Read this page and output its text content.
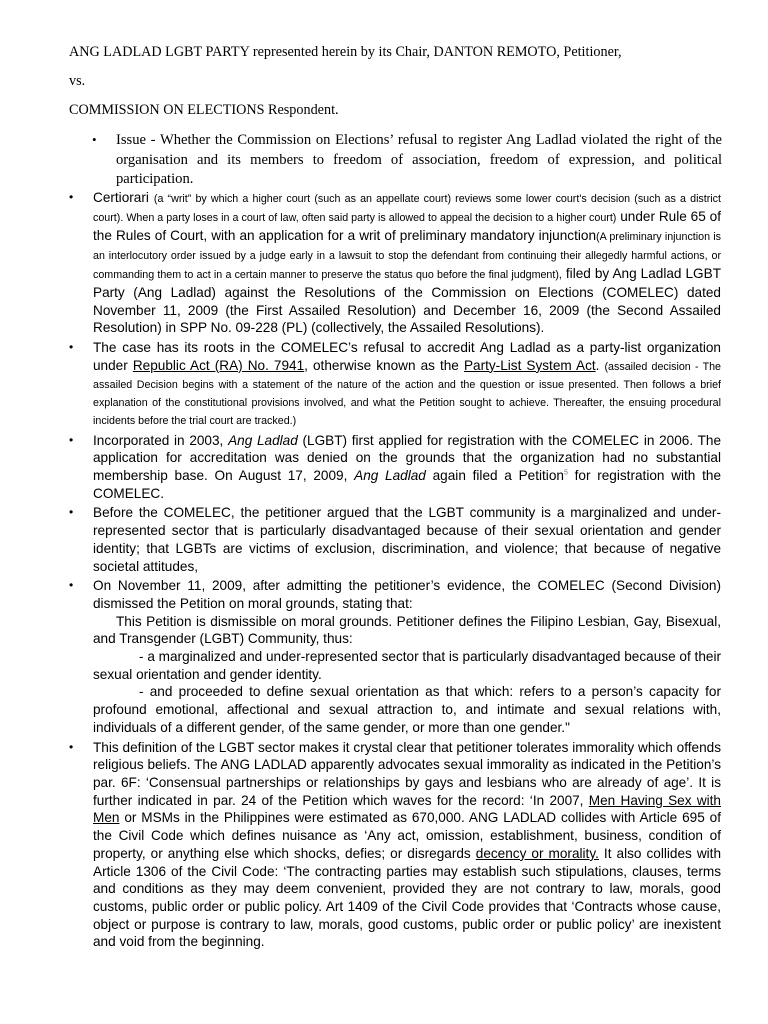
ANG LADLAD LGBT PARTY represented herein by its Chair, DANTON REMOTO, Petitioner,
vs.
COMMISSION ON ELECTIONS Respondent.
• Issue - Whether the Commission on Elections’ refusal to register Ang Ladlad violated the right of the organisation and its members to freedom of association, freedom of expression, and political participation.
• Certiorari (a “writ” by which a higher court (such as an appellate court) reviews some lower court's decision (such as a district court). When a party loses in a court of law, often said party is allowed to appeal the decision to a higher court) under Rule 65 of the Rules of Court, with an application for a writ of preliminary mandatory injunction(A preliminary injunction is an interlocutory order issued by a judge early in a lawsuit to stop the defendant from continuing their allegedly harmful actions, or commanding them to act in a certain manner to preserve the status quo before the final judgment), filed by Ang Ladlad LGBT Party (Ang Ladlad) against the Resolutions of the Commission on Elections (COMELEC) dated November 11, 2009 (the First Assailed Resolution) and December 16, 2009 (the Second Assailed Resolution) in SPP No. 09-228 (PL) (collectively, the Assailed Resolutions).
• The case has its roots in the COMELEC’s refusal to accredit Ang Ladlad as a party-list organization under Republic Act (RA) No. 7941, otherwise known as the Party-List System Act. (assailed decision - The assailed Decision begins with a statement of the nature of the action and the question or issue presented. Then follows a brief explanation of the constitutional provisions involved, and what the Petition sought to achieve. Thereafter, the ensuing procedural incidents before the trial court are tracked.)
• Incorporated in 2003, Ang Ladlad (LGBT) first applied for registration with the COMELEC in 2006. The application for accreditation was denied on the grounds that the organization had no substantial membership base. On August 17, 2009, Ang Ladlad again filed a Petition$^5$ for registration with the COMELEC.
• Before the COMELEC, the petitioner argued that the LGBT community is a marginalized and under-represented sector that is particularly disadvantaged because of their sexual orientation and gender identity; that LGBTs are victims of exclusion, discrimination, and violence; that because of negative societal attitudes,
• On November 11, 2009, after admitting the petitioner’s evidence, the COMELEC (Second Division) dismissed the Petition on moral grounds, stating that:
This Petition is dismissible on moral grounds. Petitioner defines the Filipino Lesbian, Gay, Bisexual, and Transgender (LGBT) Community, thus:
- a marginalized and under-represented sector that is particularly disadvantaged because of their sexual orientation and gender identity.
- and proceeded to define sexual orientation as that which: refers to a person’s capacity for profound emotional, affectional and sexual attraction to, and intimate and sexual relations with, individuals of a different gender, of the same gender, or more than one gender."
• This definition of the LGBT sector makes it crystal clear that petitioner tolerates immorality which offends religious beliefs. The ANG LADLAD apparently advocates sexual immorality as indicated in the Petition’s par. 6F: ‘Consensual partnerships or relationships by gays and lesbians who are already of age’. It is further indicated in par. 24 of the Petition which waves for the record: ‘In 2007, Men Having Sex with Men or MSMs in the Philippines were estimated as 670,000. ANG LADLAD collides with Article 695 of the Civil Code which defines nuisance as ‘Any act, omission, establishment, business, condition of property, or anything else which shocks, defies; or disregards decency or morality. It also collides with Article 1306 of the Civil Code: ‘The contracting parties may establish such stipulations, clauses, terms and conditions as they may deem convenient, provided they are not contrary to law, morals, good customs, public order or public policy. Art 1409 of the Civil Code provides that ‘Contracts whose cause, object or purpose is contrary to law, morals, good customs, public order or public policy’ are inexistent and void from the beginning.
